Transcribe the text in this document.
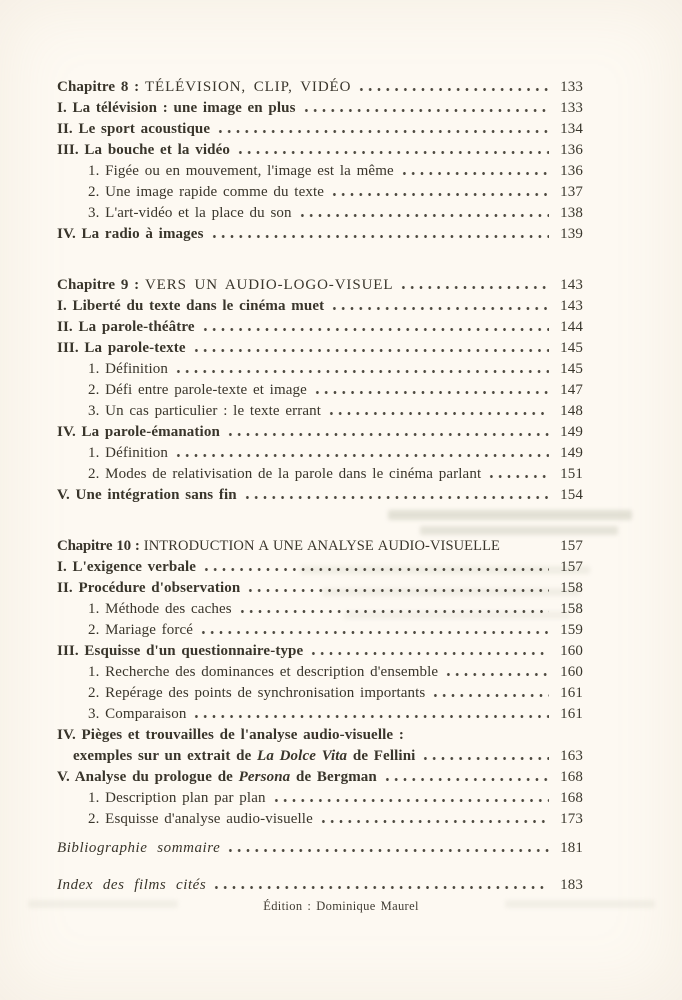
Chapitre 8 : TÉLÉVISION, CLIP, VIDÉO	133
I. La télévision : une image en plus	133
II. Le sport acoustique	134
III. La bouche et la vidéo	136
1. Figée ou en mouvement, l'image est la même	136
2. Une image rapide comme du texte	137
3. L'art-vidéo et la place du son	138
IV. La radio à images	139
Chapitre 9 : VERS UN AUDIO-LOGO-VISUEL	143
I. Liberté du texte dans le cinéma muet	143
II. La parole-théâtre	144
III. La parole-texte	145
1. Définition	145
2. Défi entre parole-texte et image	147
3. Un cas particulier : le texte errant	148
IV. La parole-émanation	149
1. Définition	149
2. Modes de relativisation de la parole dans le cinéma parlant	151
V. Une intégration sans fin	154
Chapitre 10 : INTRODUCTION A UNE ANALYSE AUDIO-VISUELLE	157
I. L'exigence verbale	157
II. Procédure d'observation	158
1. Méthode des caches	158
2. Mariage forcé	159
III. Esquisse d'un questionnaire-type	160
1. Recherche des dominances et description d'ensemble	160
2. Repérage des points de synchronisation importants	161
3. Comparaison	161
IV. Pièges et trouvailles de l'analyse audio-visuelle :
exemples sur un extrait de La Dolce Vita de Fellini	163
V. Analyse du prologue de Persona de Bergman	168
1. Description plan par plan	168
2. Esquisse d'analyse audio-visuelle	173
Bibliographie sommaire	181
Index des films cités	183
Édition : Dominique Maurel
